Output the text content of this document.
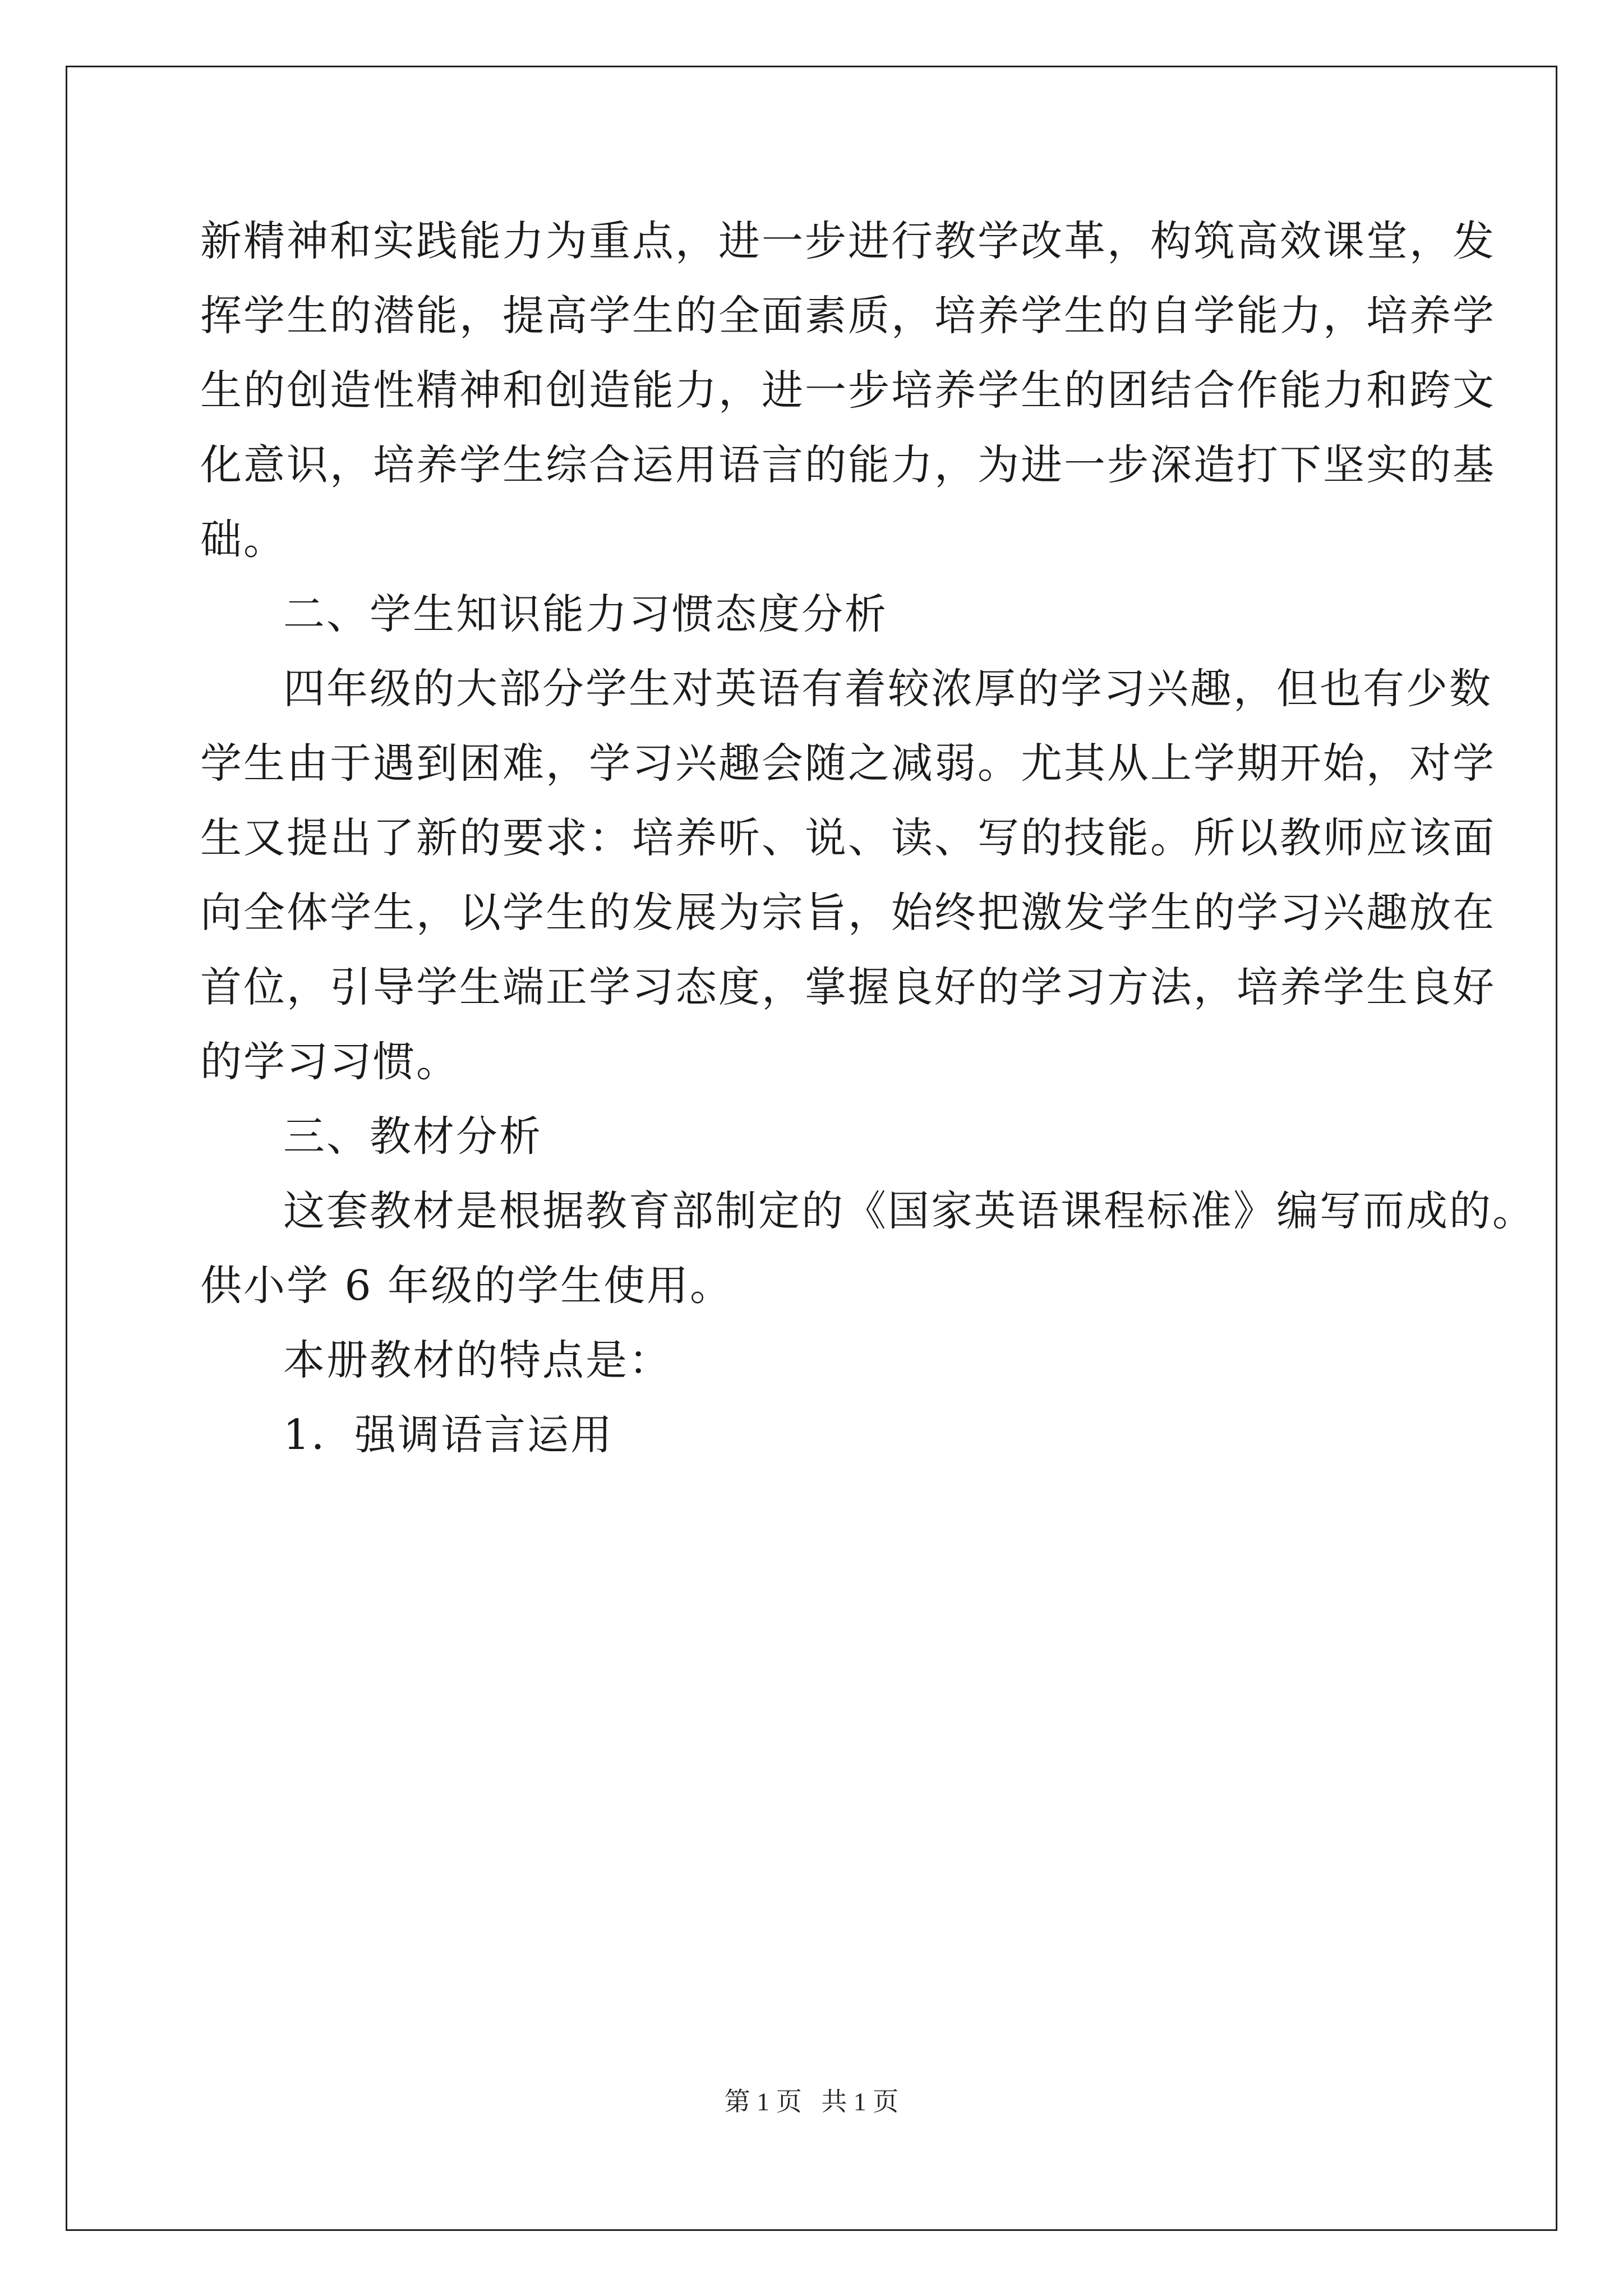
新精神和实践能力为重点，进一步进行教学改革，构筑高效课堂，发
挥学生的潜能，提高学生的全面素质，培养学生的自学能力，培养学
生的创造性精神和创造能力，进一步培养学生的团结合作能力和跨文
化意识，培养学生综合运用语言的能力，为进一步深造打下坚实的基
础。
二、学生知识能力习惯态度分析
四年级的大部分学生对英语有着较浓厚的学习兴趣，但也有少数
学生由于遇到困难，学习兴趣会随之减弱。尤其从上学期开始，对学
生又提出了新的要求：培养听、说、读、写的技能。所以教师应该面
向全体学生，以学生的发展为宗旨，始终把激发学生的学习兴趣放在
首位，引导学生端正学习态度，掌握良好的学习方法，培养学生良好
的学习习惯。
三、教材分析
这套教材是根据教育部制定的《国家英语课程标准》编写而成的。
供小学 6 年级的学生使用。
本册教材的特点是：
1．强调语言运用
第 1 页   共 1 页
